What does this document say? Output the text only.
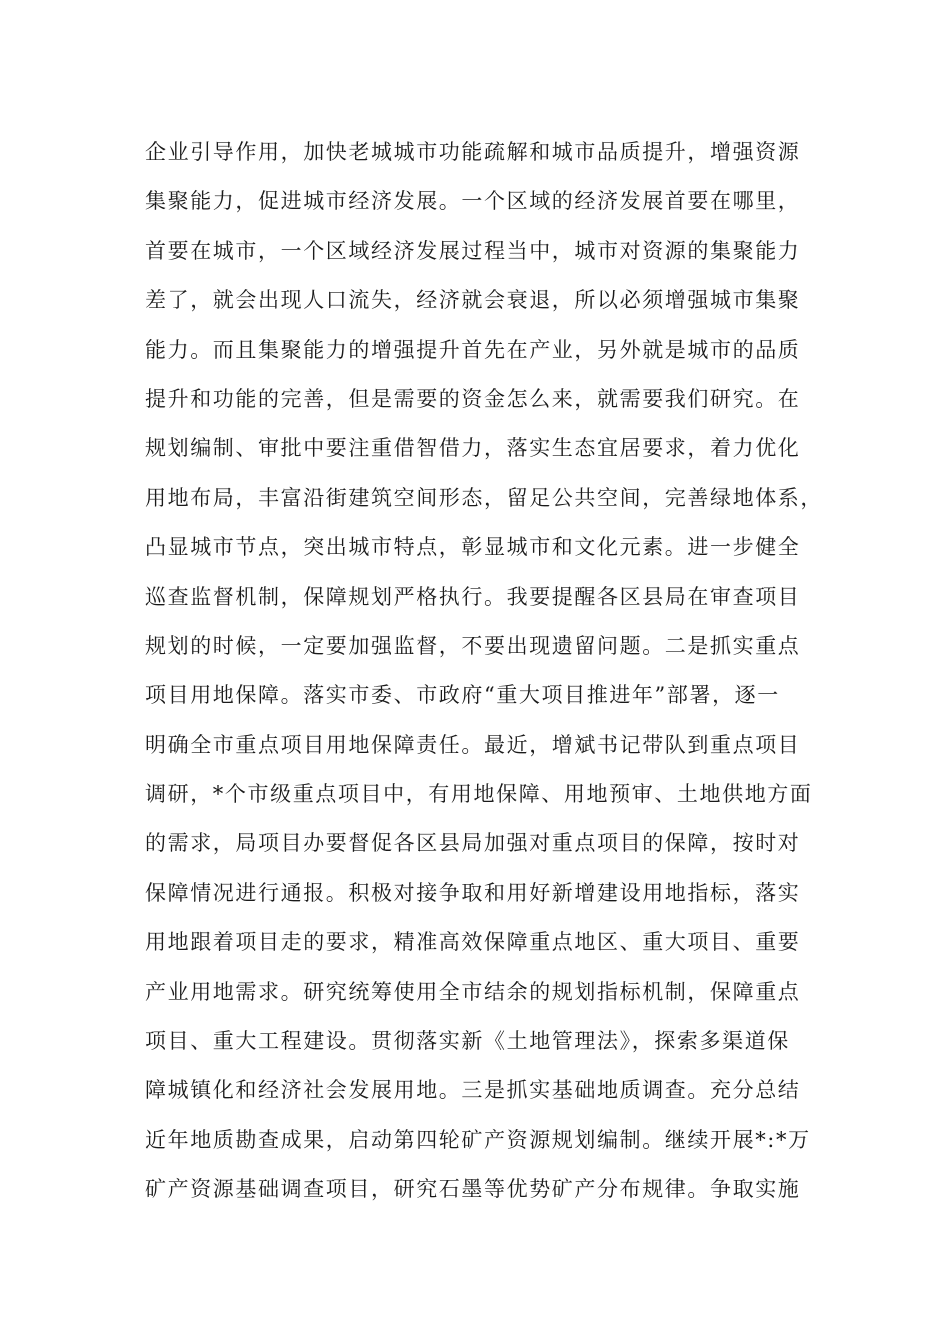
企业引导作用，加快老城城市功能疏解和城市品质提升，增强资源
集聚能力，促进城市经济发展。一个区域的经济发展首要在哪里，
首要在城市，一个区域经济发展过程当中，城市对资源的集聚能力
差了，就会出现人口流失，经济就会衰退，所以必须增强城市集聚
能力。而且集聚能力的增强提升首先在产业，另外就是城市的品质
提升和功能的完善，但是需要的资金怎么来，就需要我们研究。在
规划编制、审批中要注重借智借力，落实生态宜居要求，着力优化
用地布局，丰富沿街建筑空间形态，留足公共空间，完善绿地体系，
凸显城市节点，突出城市特点，彰显城市和文化元素。进一步健全
巡查监督机制，保障规划严格执行。我要提醒各区县局在审查项目
规划的时候，一定要加强监督，不要出现遗留问题。二是抓实重点
项目用地保障。落实市委、市政府“重大项目推进年”部署，逐一
明确全市重点项目用地保障责任。最近，增斌书记带队到重点项目
调研，*个市级重点项目中，有用地保障、用地预审、土地供地方面
的需求，局项目办要督促各区县局加强对重点项目的保障，按时对
保障情况进行通报。积极对接争取和用好新增建设用地指标，落实
用地跟着项目走的要求，精准高效保障重点地区、重大项目、重要
产业用地需求。研究统筹使用全市结余的规划指标机制，保障重点
项目、重大工程建设。贯彻落实新《土地管理法》，探索多渠道保
障城镇化和经济社会发展用地。三是抓实基础地质调查。充分总结
近年地质勘查成果，启动第四轮矿产资源规划编制。继续开展*:*万
矿产资源基础调查项目，研究石墨等优势矿产分布规律。争取实施
